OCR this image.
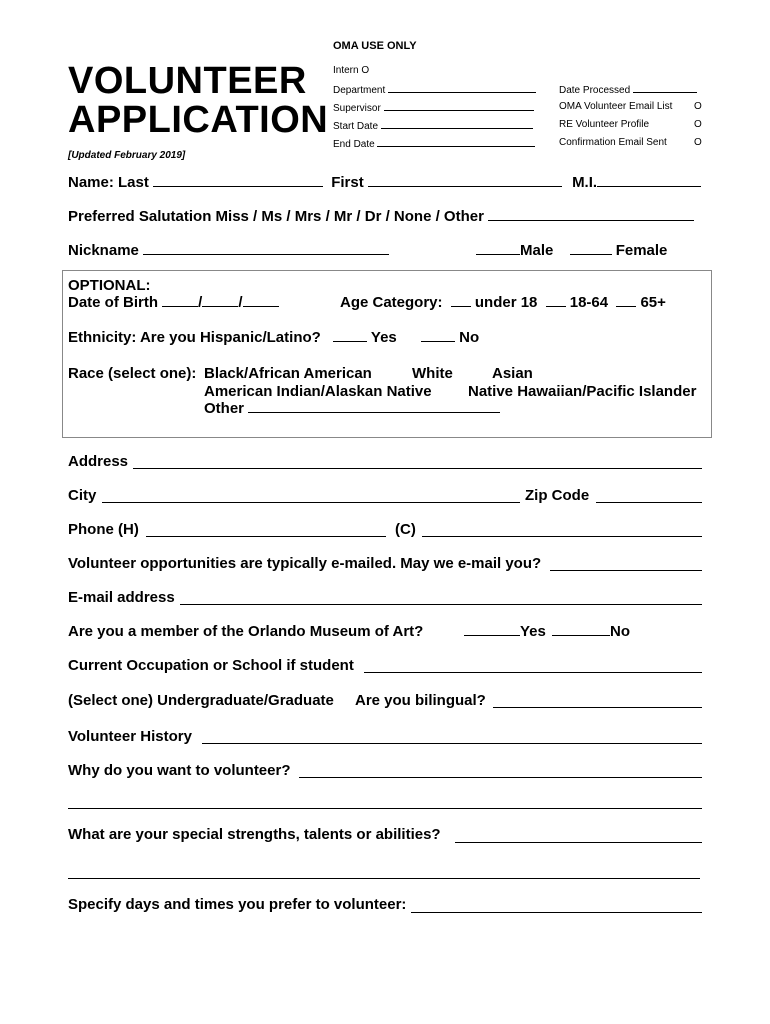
OMA USE ONLY
Intern O
Department
Supervisor
Start Date
End Date
Date Processed
OMA Volunteer Email List O
RE Volunteer Profile	O
Confirmation Email Sent	O
VOLUNTEER
APPLICATION
[Updated February 2019]
Name: Last	First	M.I.
Preferred Salutation Miss / Ms / Mrs / Mr / Dr / None / Other
Nickname	Male	Female
OPTIONAL:
Date of Birth	/ /	Age Category: under 18 18-64 65+
Ethnicity: Are you Hispanic/Latino?	Yes	No
Race (select one): Black/African American	White	Asian
American Indian/Alaskan Native Native Hawaiian/Pacific Islander
Other
Address
City	Zip Code
Phone (H)	(C)
Volunteer opportunities are typically e-mailed. May we e-mail you?
E-mail address
Are you a member of the Orlando Museum of Art?	Yes	No
Current Occupation or School if student
(Select one) Undergraduate/Graduate Are you bilingual?
Volunteer History
Why do you want to volunteer?
What are your special strengths, talents or abilities?
Specify days and times you prefer to volunteer:
